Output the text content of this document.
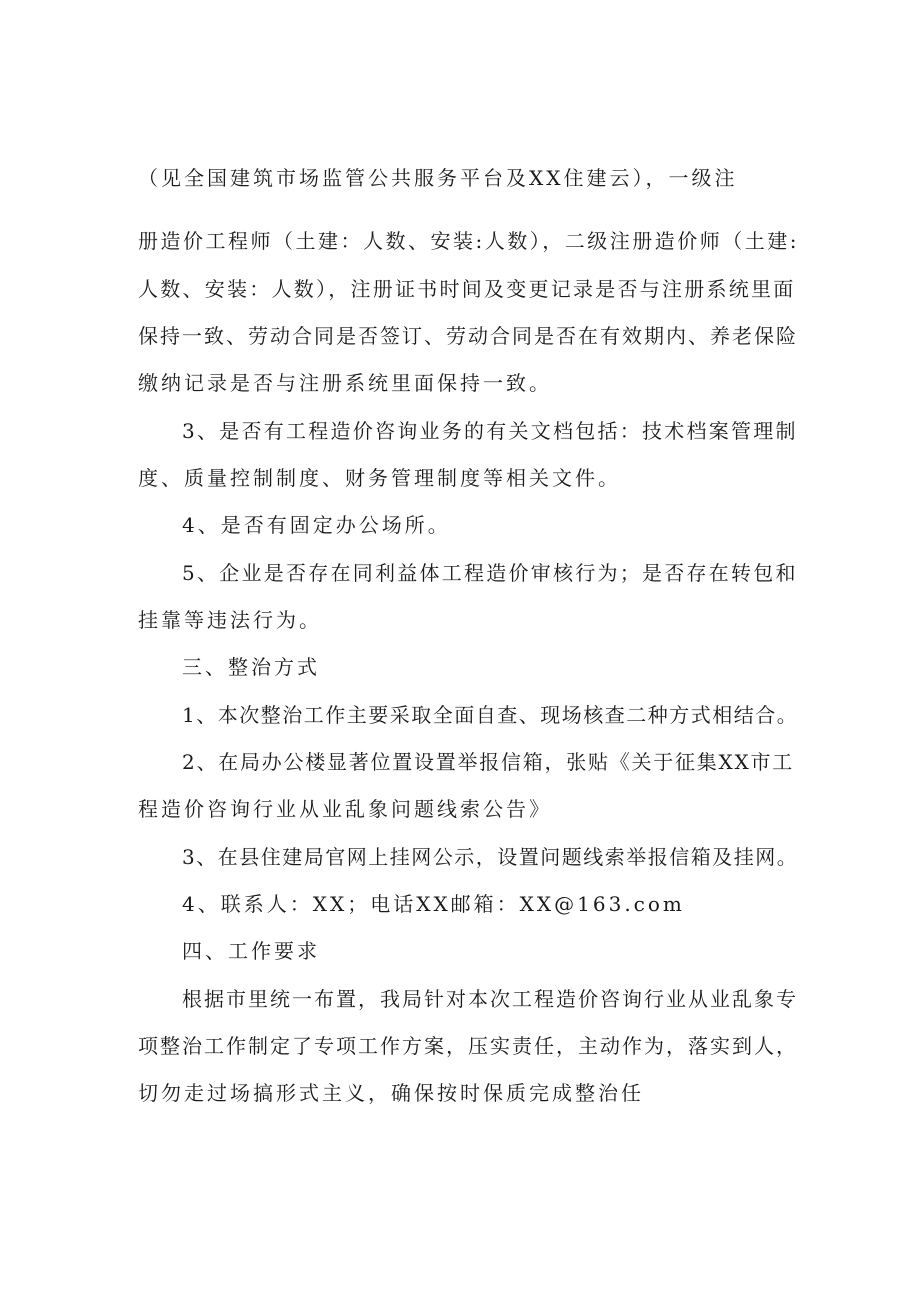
（见全国建筑市场监管公共服务平台及XX住建云），一级注
册造价工程师（土建：人数、安装:人数），二级注册造价师（土建:
人数、安装：人数），注册证书时间及变更记录是否与注册系统里面
保持一致、劳动合同是否签订、劳动合同是否在有效期内、养老保险
缴纳记录是否与注册系统里面保持一致。
3、是否有工程造价咨询业务的有关文档包括：技术档案管理制
度、质量控制制度、财务管理制度等相关文件。
4、是否有固定办公场所。
5、企业是否存在同利益体工程造价审核行为；是否存在转包和
挂靠等违法行为。
三、整治方式
1、本次整治工作主要采取全面自查、现场核查二种方式相结合。
2、在局办公楼显著位置设置举报信箱，张贴《关于征集XX市工
程造价咨询行业从业乱象问题线索公告》
3、在县住建局官网上挂网公示，设置问题线索举报信箱及挂网。
4、联系人：XX；电话XX邮箱：XX@163.com
四、工作要求
根据市里统一布置，我局针对本次工程造价咨询行业从业乱象专
项整治工作制定了专项工作方案，压实责任，主动作为，落实到人，
切勿走过场搞形式主义，确保按时保质完成整治任
